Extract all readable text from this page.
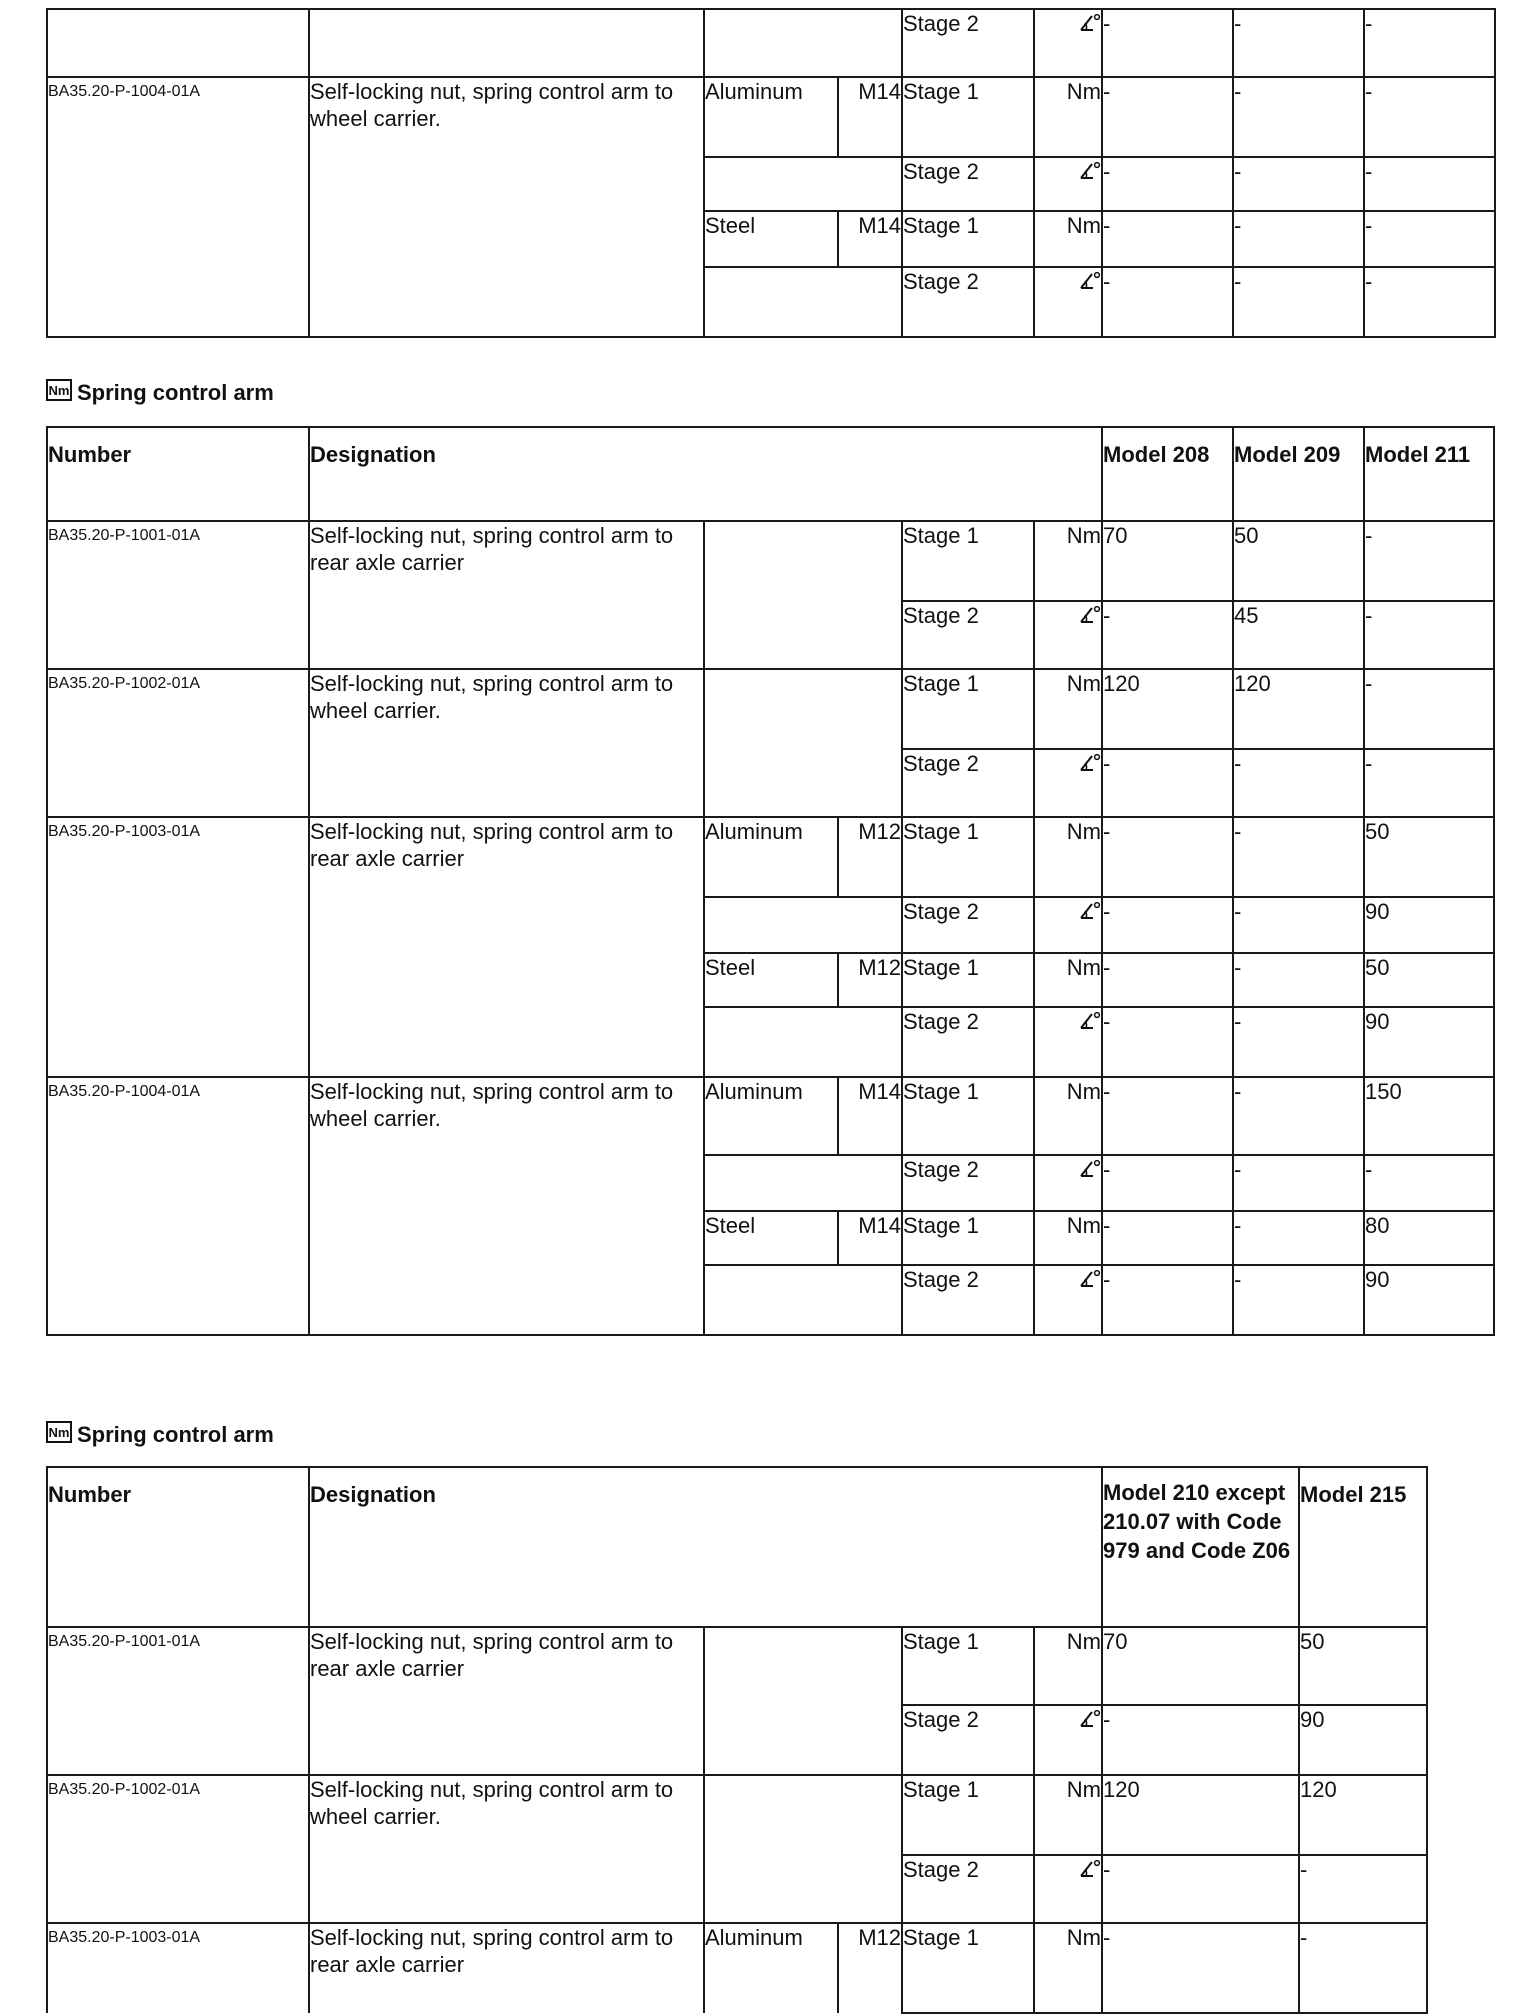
				Stage 2		-	-	-
BA35.20-P-1004-01A	Self-locking nut, spring control arm to wheel carrier.	Aluminum	M14	Stage 1	Nm	-	-	-
				Stage 2		-	-	-
		Steel	M14	Stage 1	Nm	-	-	-
				Stage 2		-	-	-
Nm Spring control arm
Number	Designation					Model 208	Model 209	Model 211
BA35.20-P-1001-01A	Self-locking nut, spring control arm to rear axle carrier			Stage 1	Nm	70	50	-
				Stage 2		-	45	-
BA35.20-P-1002-01A	Self-locking nut, spring control arm to wheel carrier.			Stage 1	Nm	120	120	-
				Stage 2		-	-	-
BA35.20-P-1003-01A	Self-locking nut, spring control arm to rear axle carrier	Aluminum	M12	Stage 1	Nm	-	-	50
				Stage 2		-	-	90
		Steel	M12	Stage 1	Nm	-	-	50
				Stage 2		-	-	90
BA35.20-P-1004-01A	Self-locking nut, spring control arm to wheel carrier.	Aluminum	M14	Stage 1	Nm	-	-	150
				Stage 2		-	-	-
		Steel	M14	Stage 1	Nm	-	-	80
				Stage 2		-	-	90
Nm Spring control arm
Number	Designation					Model 210 except 210.07 with Code 979 and Code Z06	Model 215
BA35.20-P-1001-01A	Self-locking nut, spring control arm to rear axle carrier			Stage 1	Nm	70	50
				Stage 2		-	90
BA35.20-P-1002-01A	Self-locking nut, spring control arm to wheel carrier.			Stage 1	Nm	120	120
				Stage 2		-	-
BA35.20-P-1003-01A	Self-locking nut, spring control arm to rear axle carrier	Aluminum	M12	Stage 1	Nm	-	-
